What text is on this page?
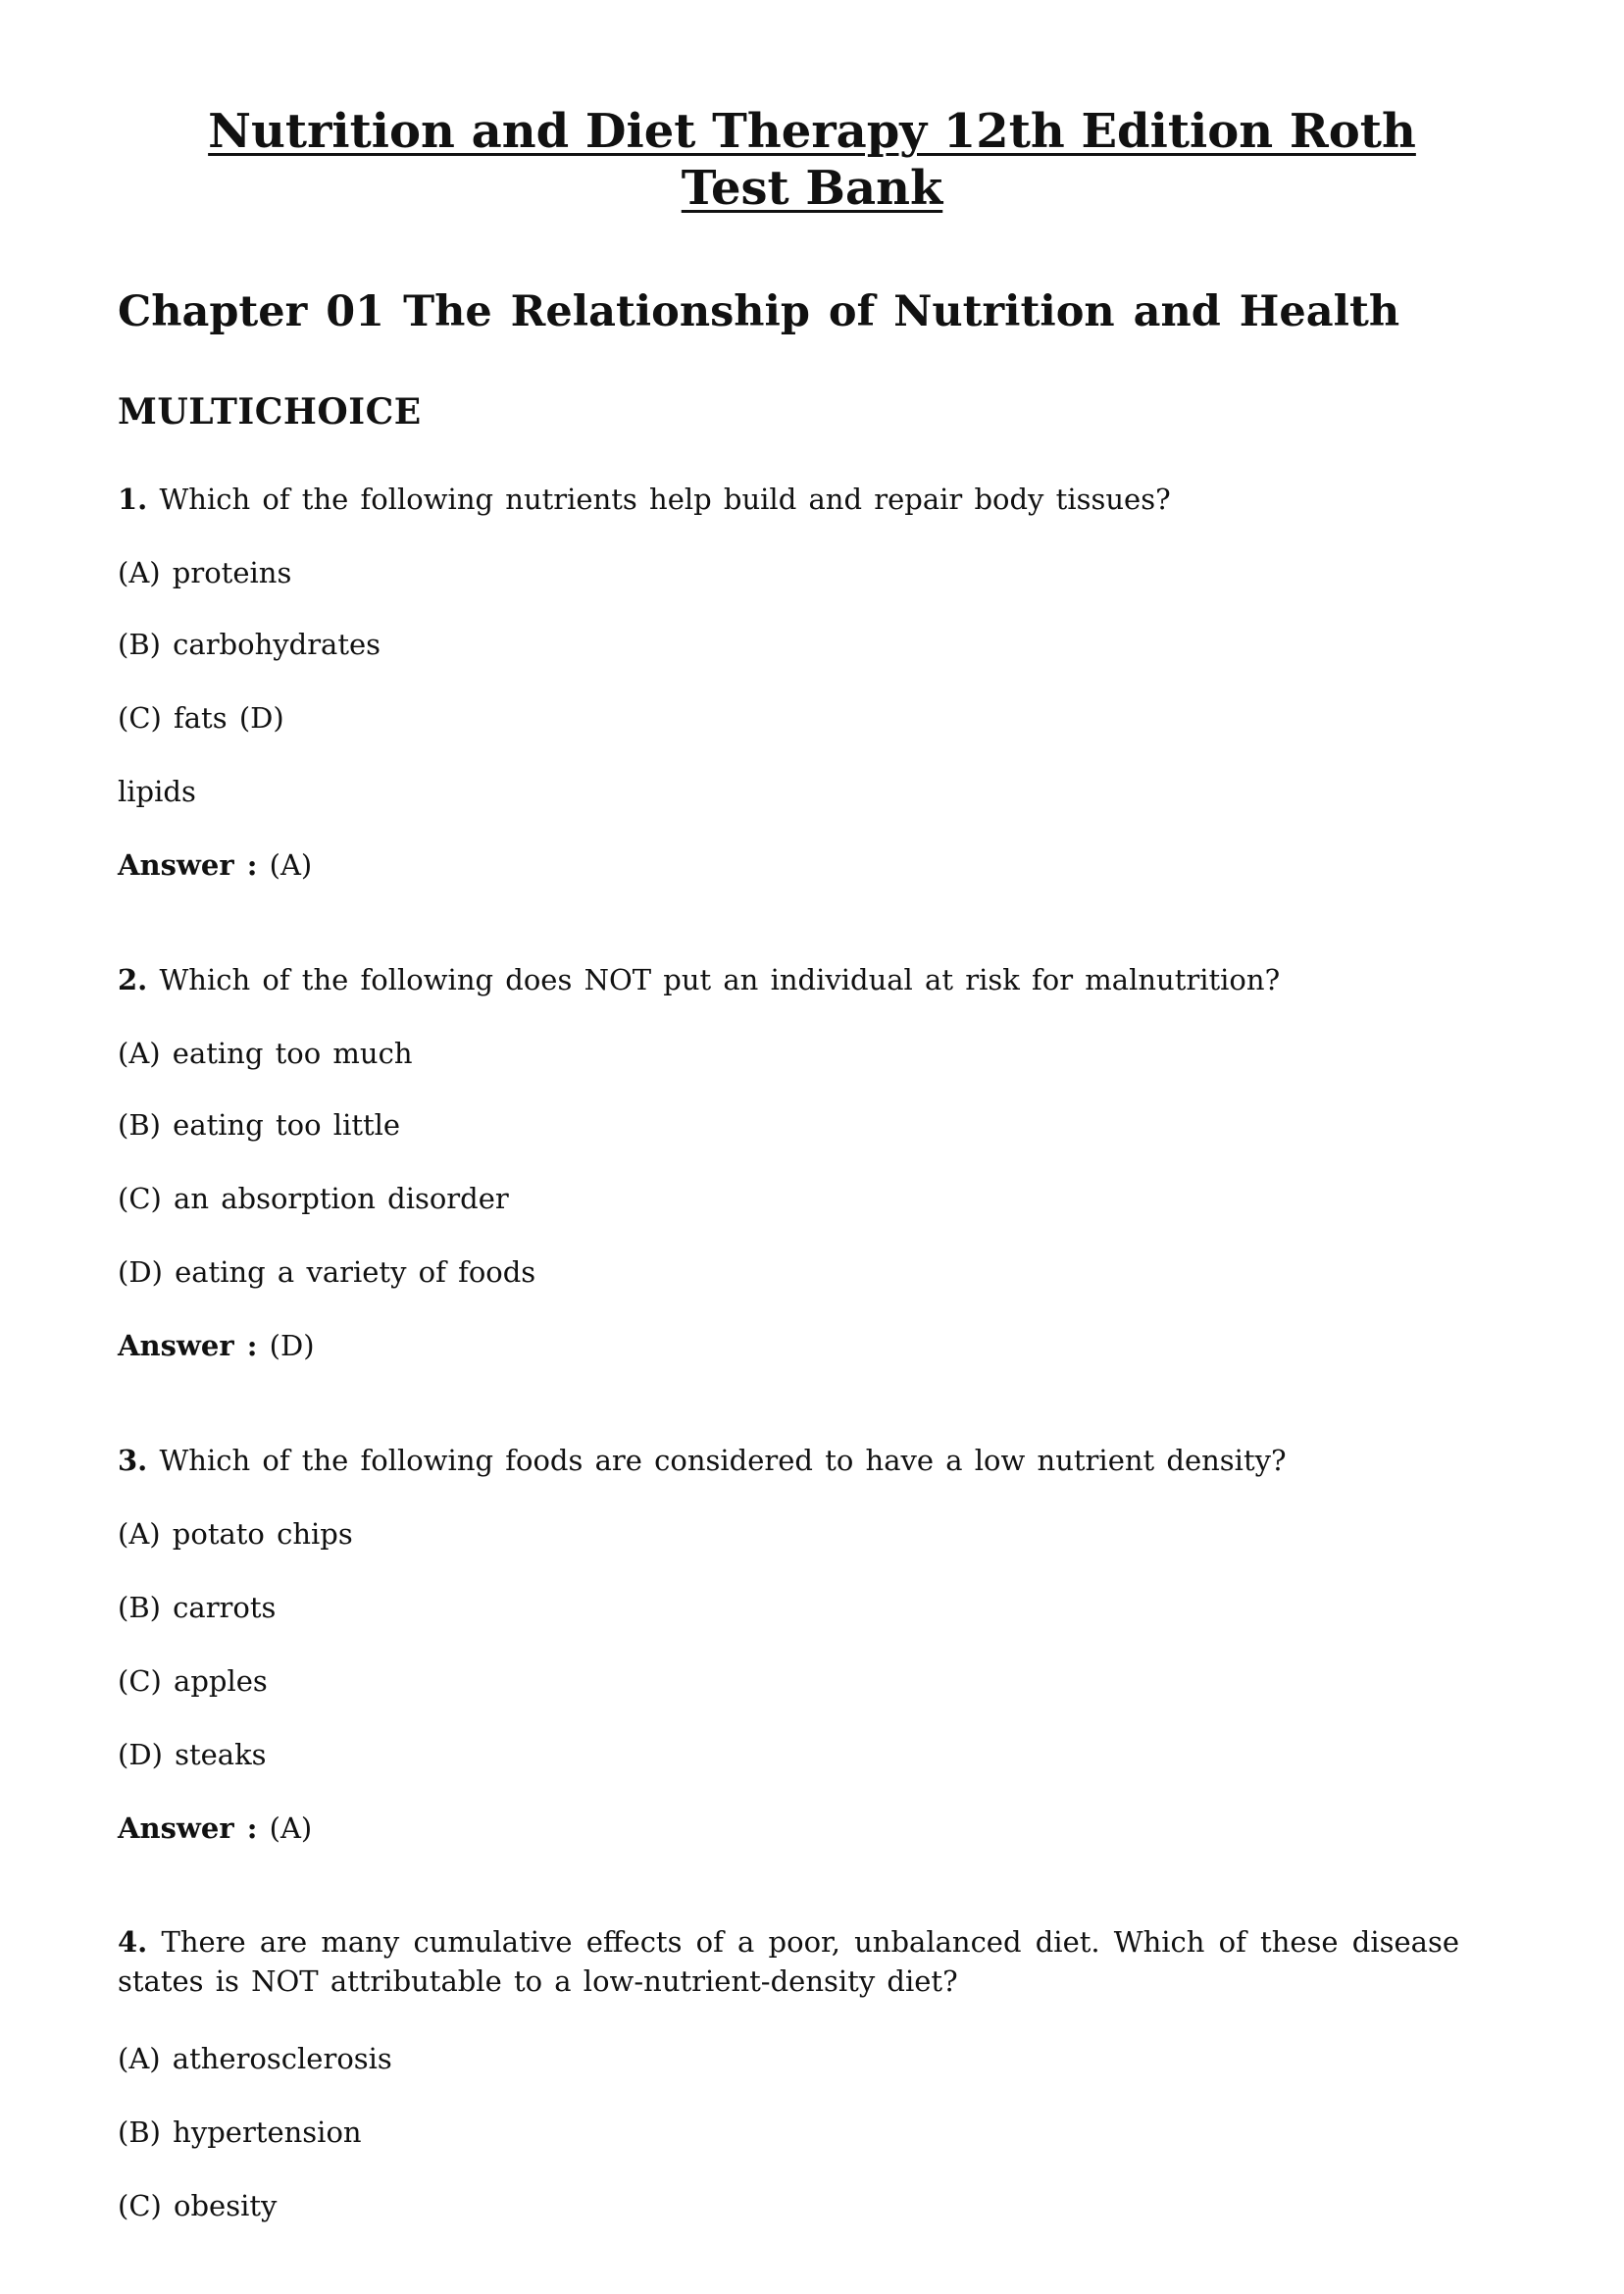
Nutrition and Diet Therapy 12th Edition Roth
Test Bank
Chapter 01 The Relationship of Nutrition and Health
MULTICHOICE
1. Which of the following nutrients help build and repair body tissues?
(A) proteins
(B) carbohydrates
(C) fats (D)
lipids
Answer : (A)
2. Which of the following does NOT put an individual at risk for malnutrition?
(A) eating too much
(B) eating too little
(C) an absorption disorder
(D) eating a variety of foods
Answer : (D)
3. Which of the following foods are considered to have a low nutrient density?
(A) potato chips
(B) carrots
(C) apples
(D) steaks
Answer : (A)
4. There are many cumulative effects of a poor, unbalanced diet. Which of these disease states is NOT attributable to a low-nutrient-density diet?
(A) atherosclerosis
(B) hypertension
(C) obesity
